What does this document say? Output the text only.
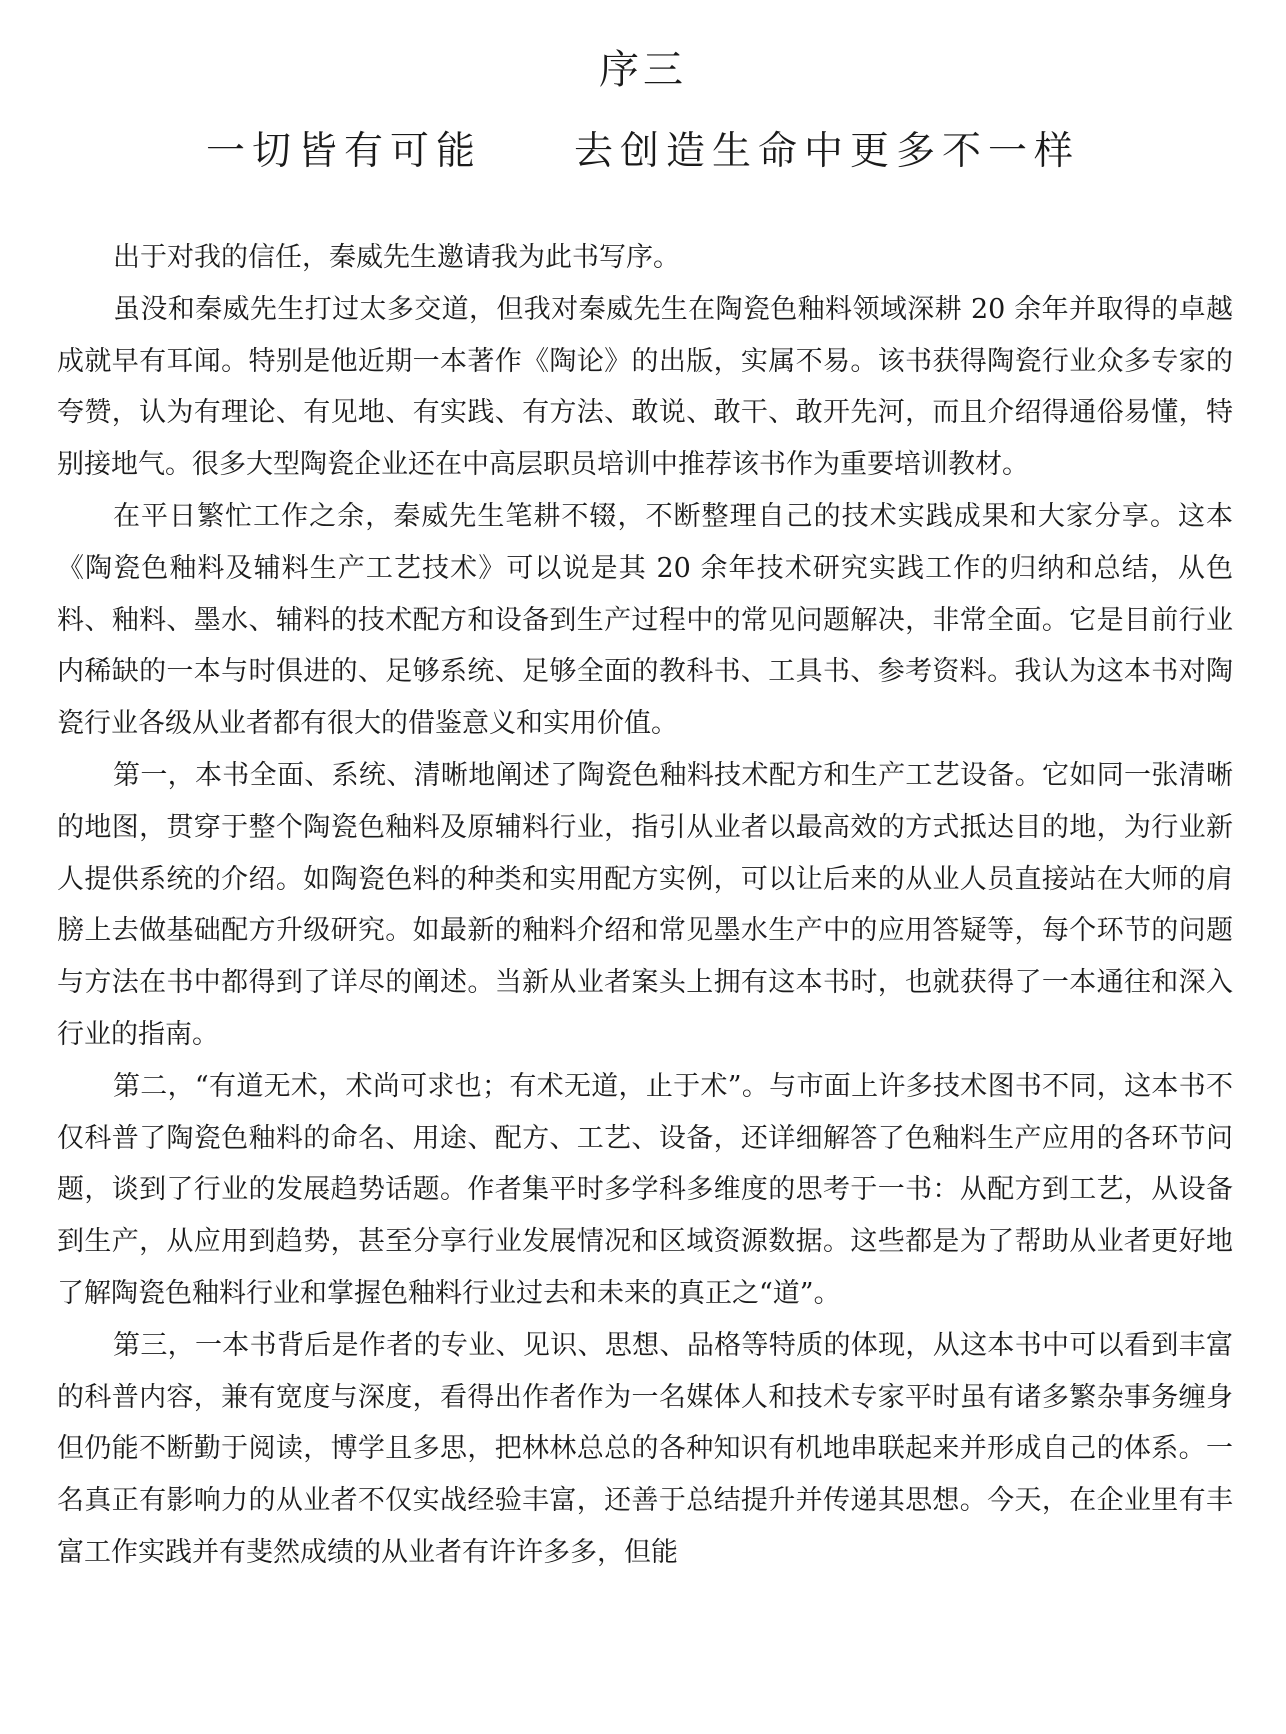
序三
一切皆有可能　　去创造生命中更多不一样

出于对我的信任，秦威先生邀请我为此书写序。

虽没和秦威先生打过太多交道，但我对秦威先生在陶瓷色釉料领域深耕 20 余年并取得的卓越成就早有耳闻。特别是他近期一本著作《陶论》的出版，实属不易。该书获得陶瓷行业众多专家的夸赞，认为有理论、有见地、有实践、有方法、敢说、敢干、敢开先河，而且介绍得通俗易懂，特别接地气。很多大型陶瓷企业还在中高层职员培训中推荐该书作为重要培训教材。

在平日繁忙工作之余，秦威先生笔耕不辍，不断整理自己的技术实践成果和大家分享。这本《陶瓷色釉料及辅料生产工艺技术》可以说是其 20 余年技术研究实践工作的归纳和总结，从色料、釉料、墨水、辅料的技术配方和设备到生产过程中的常见问题解决，非常全面。它是目前行业内稀缺的一本与时俱进的、足够系统、足够全面的教科书、工具书、参考资料。我认为这本书对陶瓷行业各级从业者都有很大的借鉴意义和实用价值。

第一，本书全面、系统、清晰地阐述了陶瓷色釉料技术配方和生产工艺设备。它如同一张清晰的地图，贯穿于整个陶瓷色釉料及原辅料行业，指引从业者以最高效的方式抵达目的地，为行业新人提供系统的介绍。如陶瓷色料的种类和实用配方实例，可以让后来的从业人员直接站在大师的肩膀上去做基础配方升级研究。如最新的釉料介绍和常见墨水生产中的应用答疑等，每个环节的问题与方法在书中都得到了详尽的阐述。当新从业者案头上拥有这本书时，也就获得了一本通往和深入行业的指南。

第二，“有道无术，术尚可求也；有术无道，止于术”。与市面上许多技术图书不同，这本书不仅科普了陶瓷色釉料的命名、用途、配方、工艺、设备，还详细解答了色釉料生产应用的各环节问题，谈到了行业的发展趋势话题。作者集平时多学科多维度的思考于一书：从配方到工艺，从设备到生产，从应用到趋势，甚至分享行业发展情况和区域资源数据。这些都是为了帮助从业者更好地了解陶瓷色釉料行业和掌握色釉料行业过去和未来的真正之“道”。

第三，一本书背后是作者的专业、见识、思想、品格等特质的体现，从这本书中可以看到丰富的科普内容，兼有宽度与深度，看得出作者作为一名媒体人和技术专家平时虽有诸多繁杂事务缠身但仍能不断勤于阅读，博学且多思，把林林总总的各种知识有机地串联起来并形成自己的体系。一名真正有影响力的从业者不仅实战经验丰富，还善于总结提升并传递其思想。今天，在企业里有丰富工作实践并有斐然成绩的从业者有许许多多，但能
